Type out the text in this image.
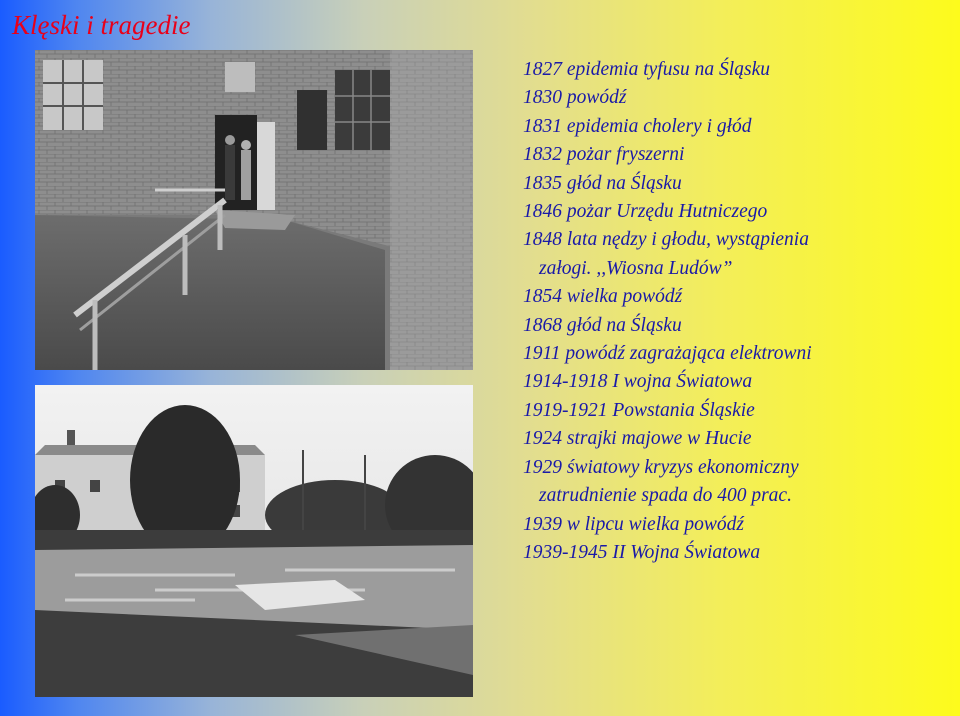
Klęski i tragedie
1827 epidemia tyfusu na Śląsku
1830 powódź
1831 epidemia cholery i głód
1832 pożar fryszerni
1835 głód na Śląsku
1846 pożar Urzędu Hutniczego
1848 lata nędzy i głodu, wystąpienia
załogi. ,,Wiosna Ludów”
1854 wielka powódź
1868 głód na Śląsku
1911 powódź zagrażająca elektrowni
1914-1918 I wojna Światowa
1919-1921 Powstania Śląskie
1924 strajki majowe w Hucie
1929 światowy kryzys ekonomiczny
zatrudnienie spada do 400 prac.
1939 w lipcu wielka powódź
1939-1945 II Wojna Światowa
